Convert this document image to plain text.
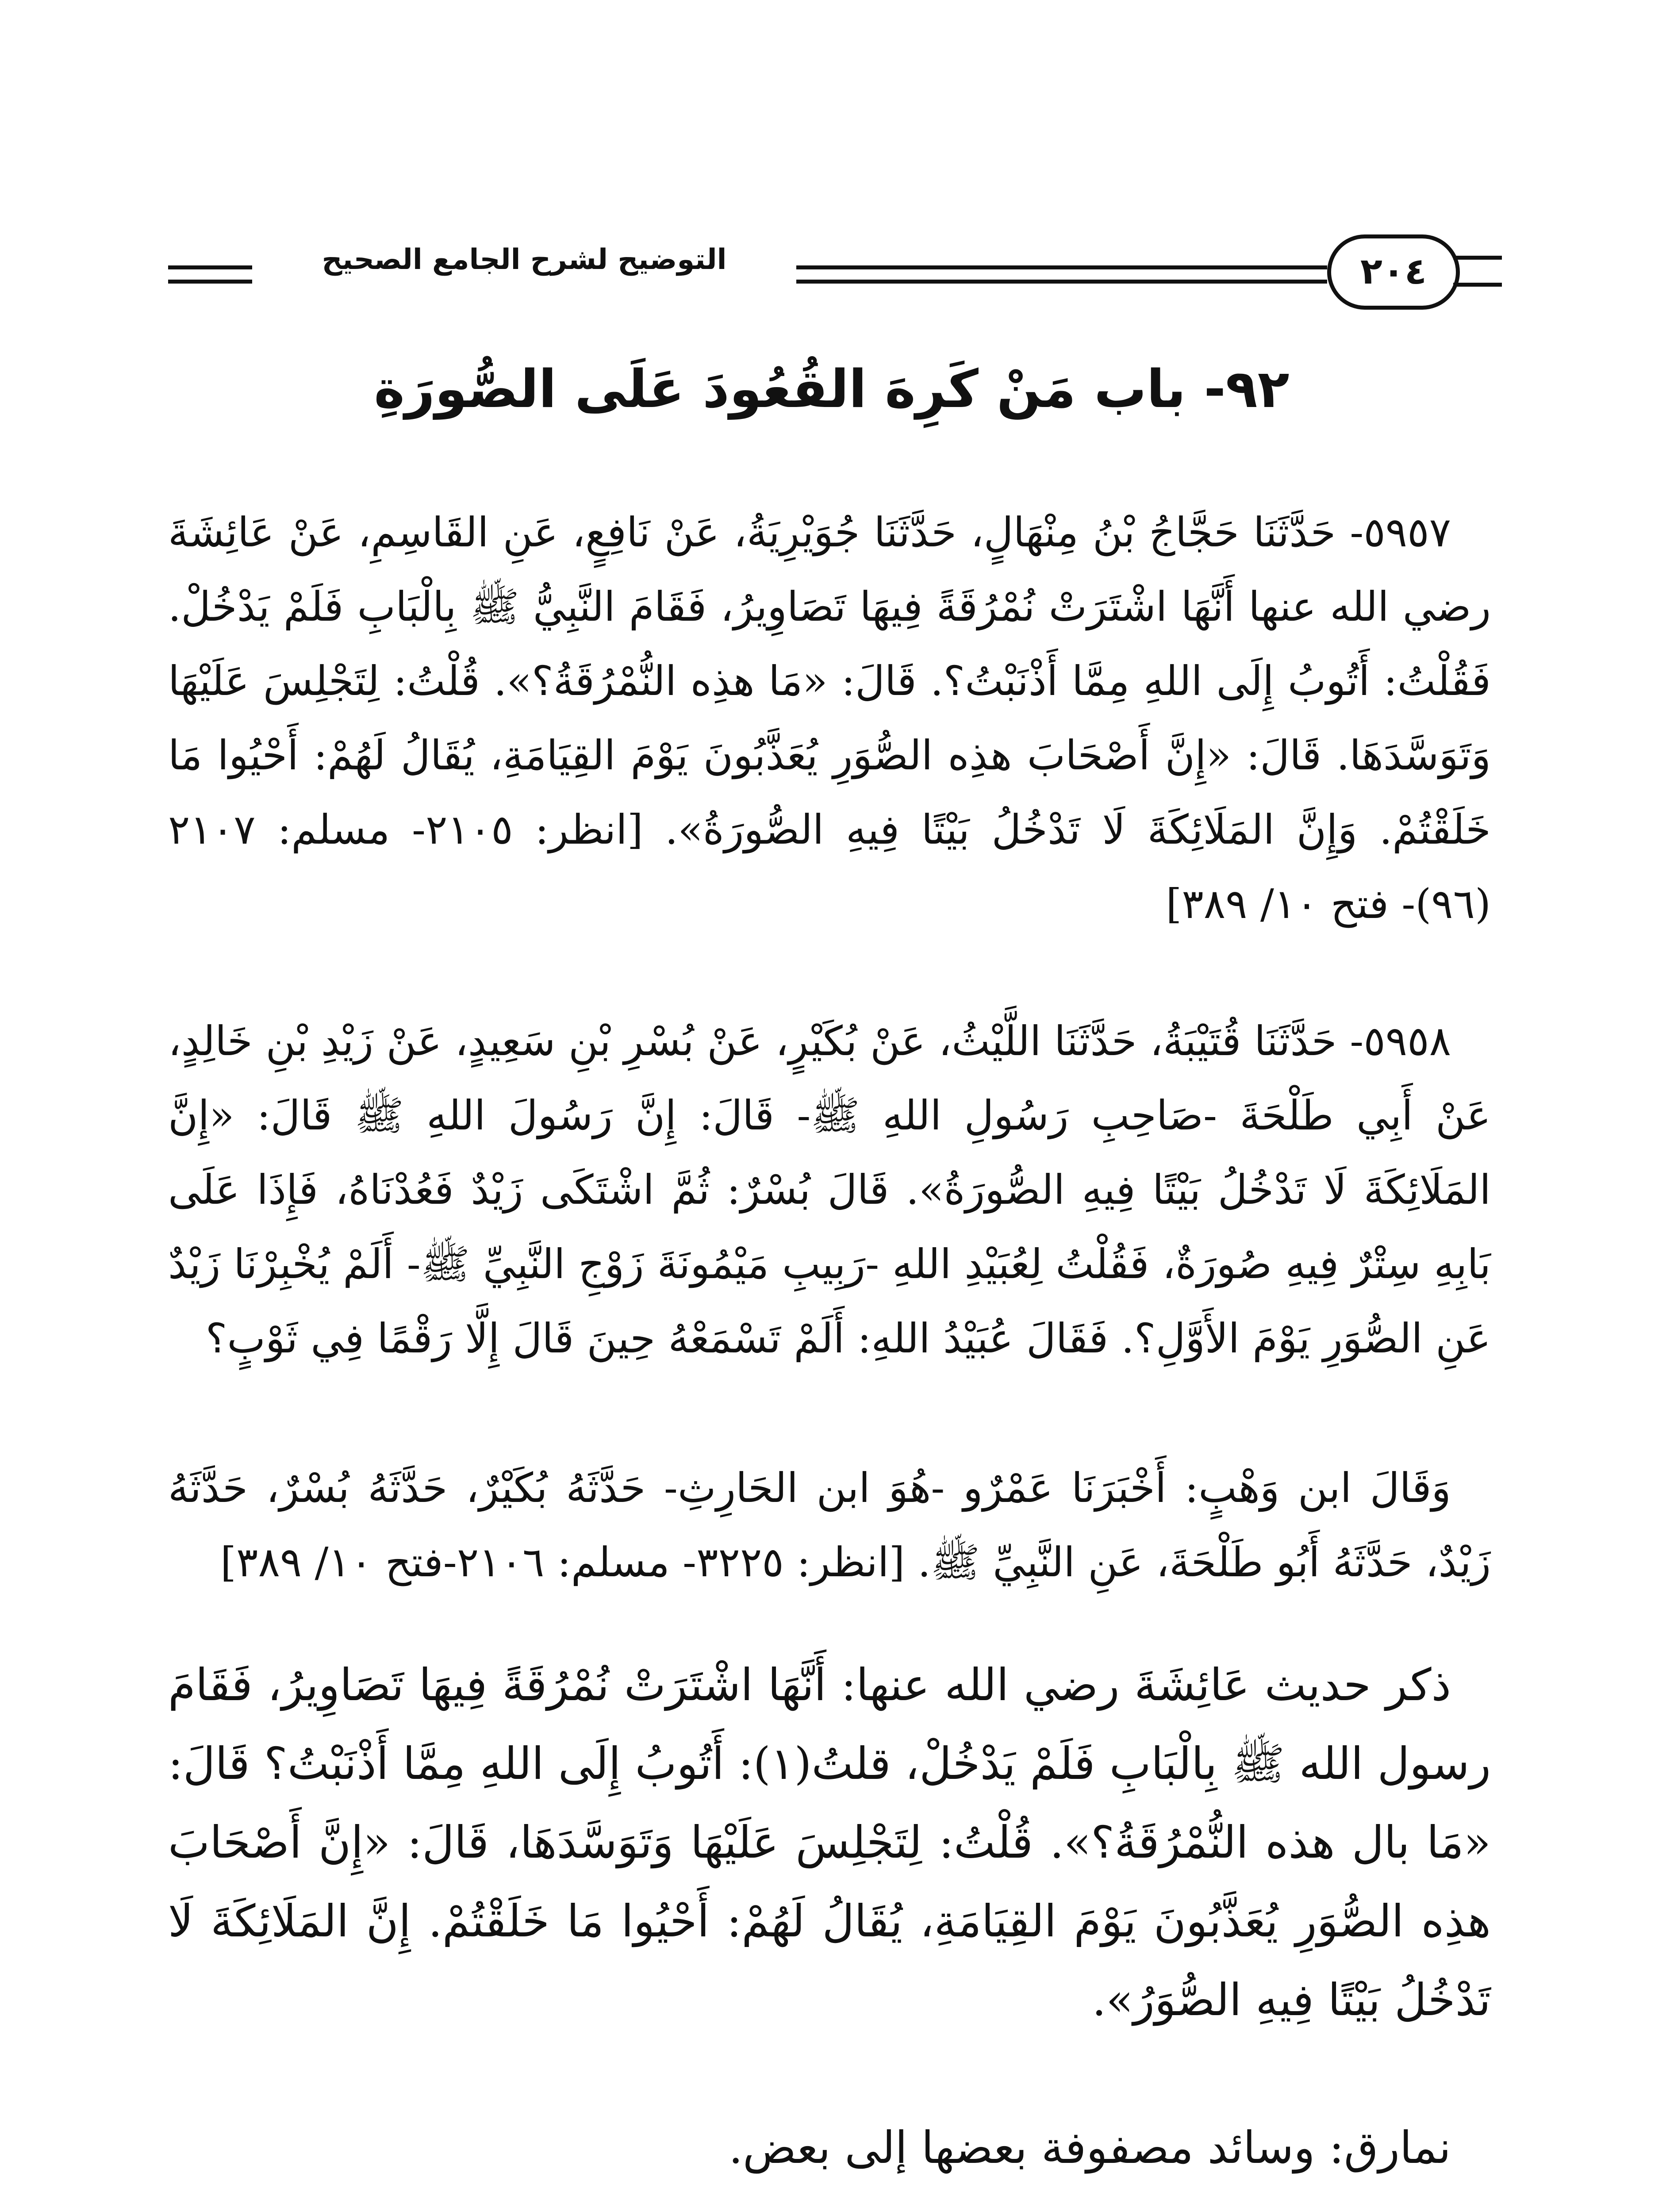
التوضيح لشرح الجامع الصحيح	٢٠٤
٩٢- باب مَنْ كَرِهَ القُعُودَ عَلَى الصُّورَةِ
٥٩٥٧- حَدَّثَنَا حَجَّاجُ بْنُ مِنْهَالٍ، حَدَّثَنَا جُوَيْرِيَةُ، عَنْ نَافِعٍ، عَنِ القَاسِمِ، عَنْ عَائِشَةَ رضي الله عنها أَنَّهَا اشْتَرَتْ نُمْرُقَةً فِيهَا تَصَاوِيرُ، فَقَامَ النَّبِيُّ ﷺ بِالْبَابِ فَلَمْ يَدْخُلْ. فَقُلْتُ: أَتُوبُ إِلَى اللهِ مِمَّا أَذْنَبْتُ؟. قَالَ: «مَا هذِه النُّمْرُقَةُ؟». قُلْتُ: لِتَجْلِسَ عَلَيْهَا وَتَوَسَّدَهَا. قَالَ: «إِنَّ أَصْحَابَ هذِه الصُّوَرِ يُعَذَّبُونَ يَوْمَ القِيَامَةِ، يُقَالُ لَهُمْ: أَحْيُوا مَا خَلَقْتُمْ. وَإِنَّ المَلَائِكَةَ لَا تَدْخُلُ بَيْتًا فِيهِ الصُّورَةُ». [انظر: ٢١٠٥- مسلم: ٢١٠٧ (٩٦)- فتح ١٠/ ٣٨٩]
٥٩٥٨- حَدَّثَنَا قُتَيْبَةُ، حَدَّثَنَا اللَّيْثُ، عَنْ بُكَيْرٍ، عَنْ بُسْرِ بْنِ سَعِيدٍ، عَنْ زَيْدِ بْنِ خَالِدٍ، عَنْ أَبِي طَلْحَةَ -صَاحِبِ رَسُولِ اللهِ ﷺ- قَالَ: إِنَّ رَسُولَ اللهِ ﷺ قَالَ: «إِنَّ المَلَائِكَةَ لَا تَدْخُلُ بَيْتًا فِيهِ الصُّورَةُ». قَالَ بُسْرٌ: ثُمَّ اشْتَكَى زَيْدٌ فَعُدْنَاهُ، فَإِذَا عَلَى بَابِهِ سِتْرٌ فِيهِ صُورَةٌ، فَقُلْتُ لِعُبَيْدِ اللهِ -رَبِيبِ مَيْمُونَةَ زَوْجِ النَّبِيِّ ﷺ- أَلَمْ يُخْبِرْنَا زَيْدٌ عَنِ الصُّوَرِ يَوْمَ الأَوَّلِ؟. فَقَالَ عُبَيْدُ اللهِ: أَلَمْ تَسْمَعْهُ حِينَ قَالَ إِلَّا رَقْمًا فِي ثَوْبٍ؟
وَقَالَ ابن وَهْبٍ: أَخْبَرَنَا عَمْرٌو -هُوَ ابن الحَارِثِ- حَدَّثَهُ بُكَيْرٌ، حَدَّثَهُ بُسْرٌ، حَدَّثَهُ زَيْدٌ، حَدَّثَهُ أَبُو طَلْحَةَ، عَنِ النَّبِيِّ ﷺ. [انظر: ٣٢٢٥- مسلم: ٢١٠٦-فتح ١٠/ ٣٨٩]
ذكر حديث عَائِشَةَ رضي الله عنها: أَنَّهَا اشْتَرَتْ نُمْرُقَةً فِيهَا تَصَاوِيرُ، فَقَامَ رسول الله ﷺ بِالْبَابِ فَلَمْ يَدْخُلْ، قلتُ(١): أَتُوبُ إِلَى اللهِ مِمَّا أَذْنَبْتُ؟ قَالَ: «مَا بال هذه النُّمْرُقَةُ؟». قُلْتُ: لِتَجْلِسَ عَلَيْهَا وَتَوَسَّدَهَا، قَالَ: «إِنَّ أَصْحَابَ هذِه الصُّوَرِ يُعَذَّبُونَ يَوْمَ القِيَامَةِ، يُقَالُ لَهُمْ: أَحْيُوا مَا خَلَقْتُمْ. إِنَّ المَلَائِكَةَ لَا تَدْخُلُ بَيْتًا فِيهِ الصُّوَرُ».
نمارق: وسائد مصفوفة بعضها إلى بعض.
